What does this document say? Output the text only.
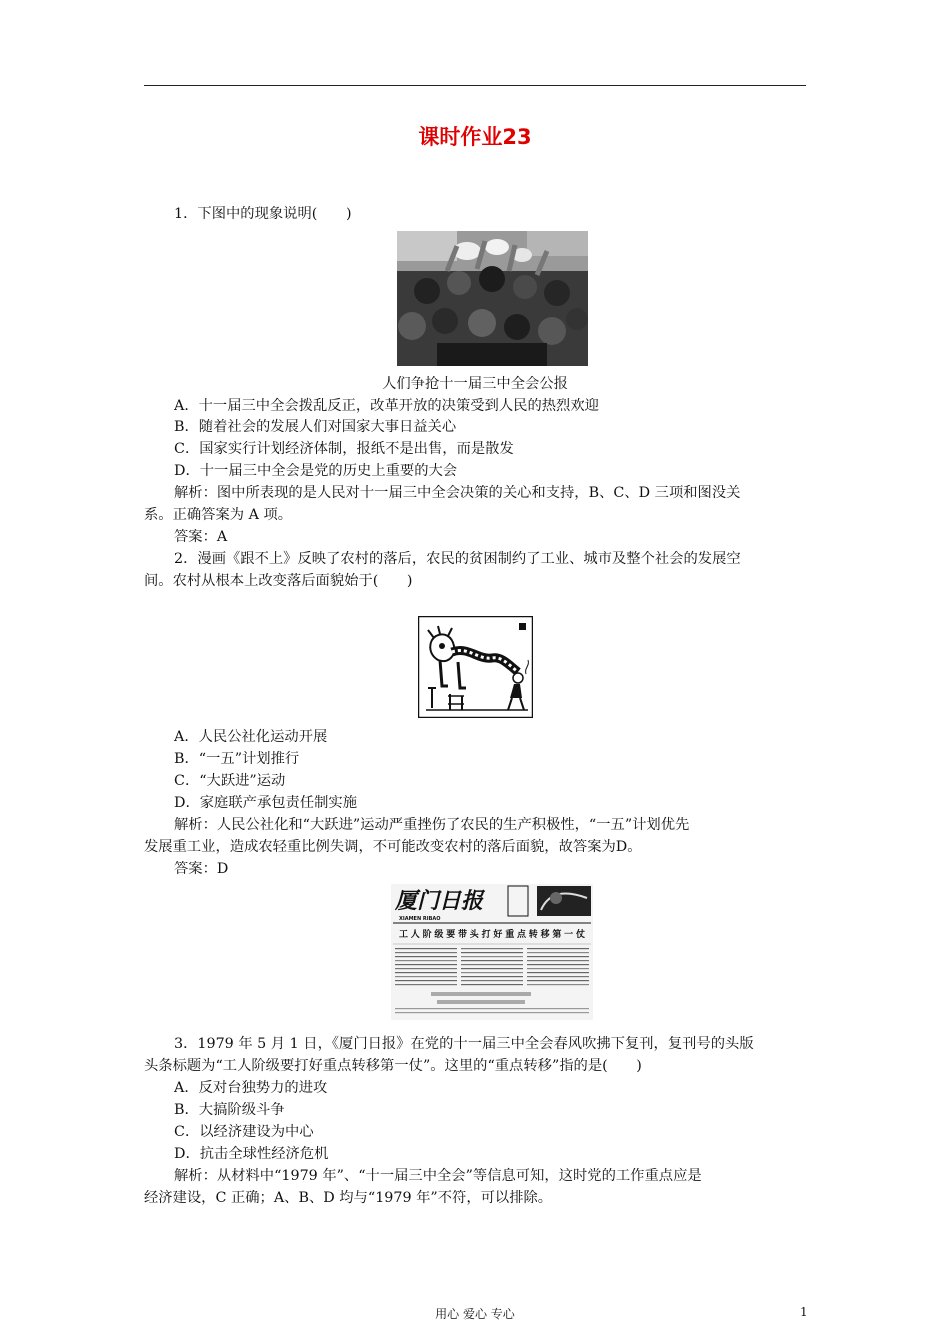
课时作业23
1．下图中的现象说明(　　)
人们争抢十一届三中全会公报
A．十一届三中全会拨乱反正，改革开放的决策受到人民的热烈欢迎
B．随着社会的发展人们对国家大事日益关心
C．国家实行计划经济体制，报纸不是出售，而是散发
D．十一届三中全会是党的历史上重要的大会
解析：图中所表现的是人民对十一届三中全会决策的关心和支持，B、C、D 三项和图没关
系。正确答案为 A 项。
答案：A
2．漫画《跟不上》反映了农村的落后，农民的贫困制约了工业、城市及整个社会的发展空
间。农村从根本上改变落后面貌始于(　　)
A．人民公社化运动开展
B．“一五”计划推行
C．“大跃进”运动
D．家庭联产承包责任制实施
解析：人民公社化和“大跃进”运动严重挫伤了农民的生产积极性，“一五”计划优先
发展重工业，造成农轻重比例失调，不可能改变农村的落后面貌，故答案为D。
答案：D
厦门日报
XIAMEN RIBAO
工人阶级要带头打好重点转移第一仗
3．1979 年 5 月 1 日，《厦门日报》在党的十一届三中全会春风吹拂下复刊，复刊号的头版
头条标题为“工人阶级要打好重点转移第一仗”。这里的“重点转移”指的是(　　)
A．反对台独势力的进攻
B．大搞阶级斗争
C．以经济建设为中心
D．抗击全球性经济危机
解析：从材料中“1979 年”、“十一届三中全会”等信息可知，这时党的工作重点应是
经济建设，C 正确；A、B、D 均与“1979 年”不符，可以排除。
用心 爱心 专心	1
